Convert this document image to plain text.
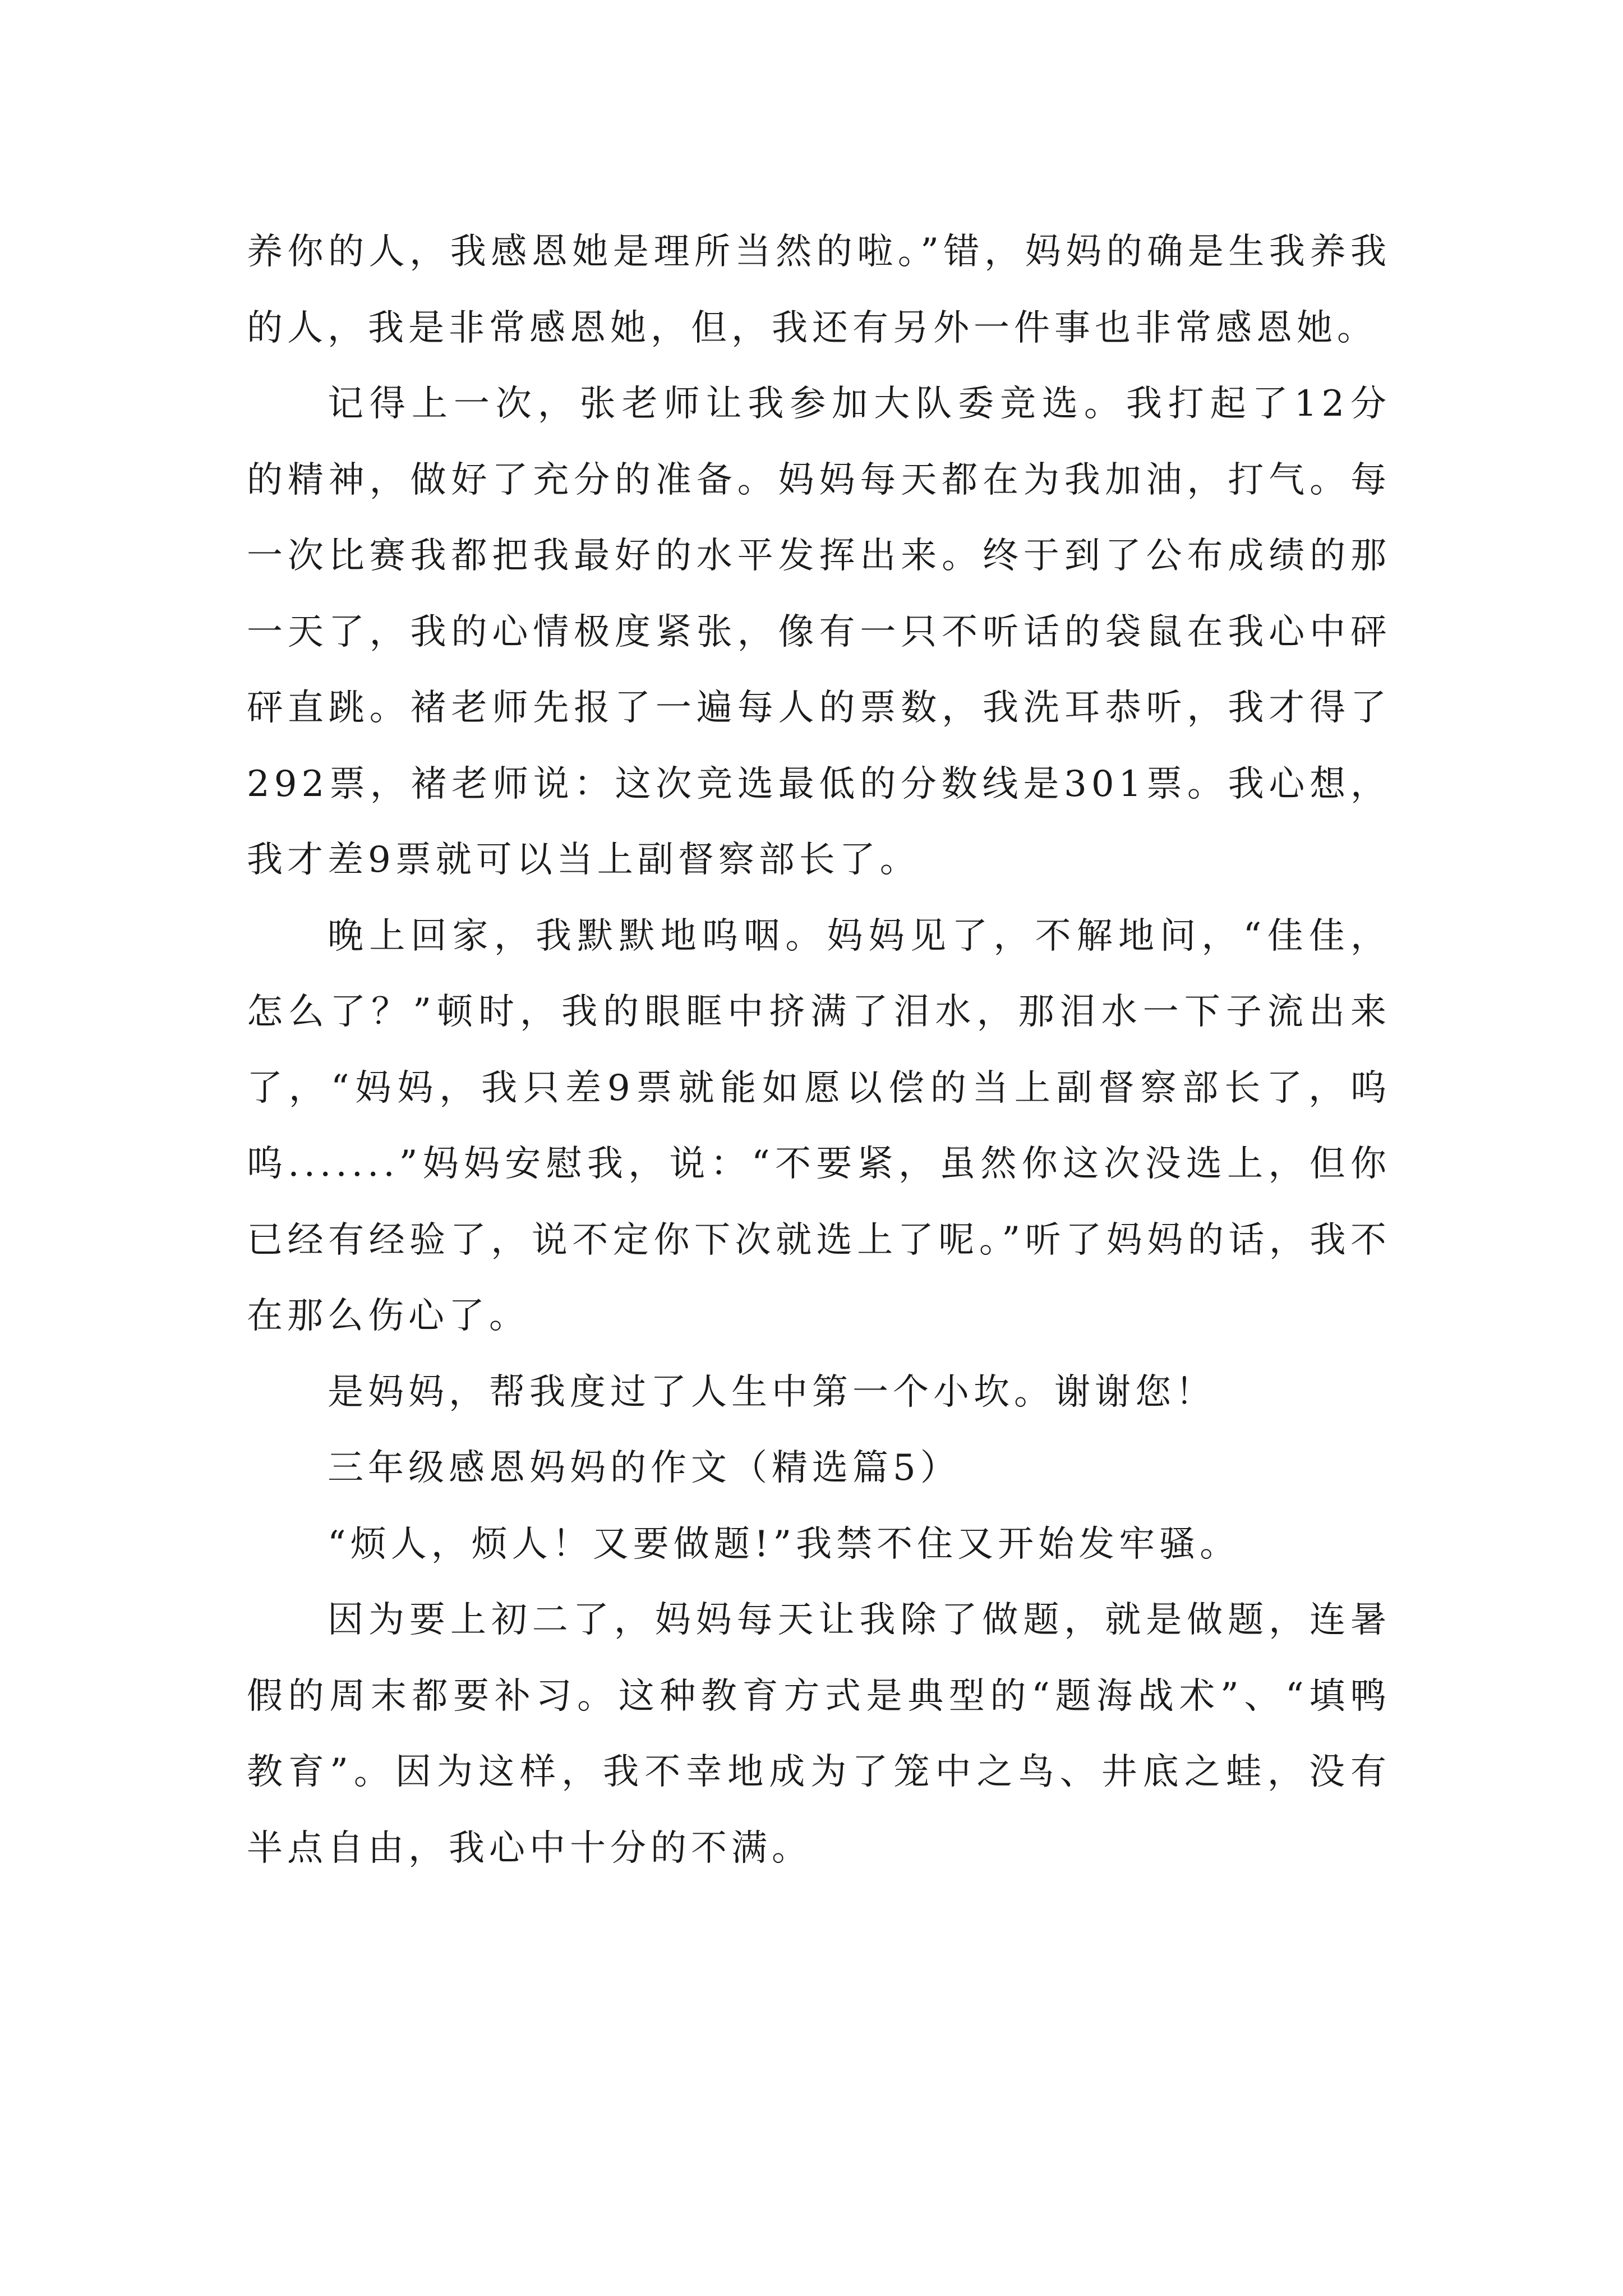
养你的人，我感恩她是理所当然的啦。”错，妈妈的确是生我养我的人，我是非常感恩她，但，我还有另外一件事也非常感恩她。

记得上一次，张老师让我参加大队委竞选。我打起了12分的精神，做好了充分的准备。妈妈每天都在为我加油，打气。每一次比赛我都把我最好的水平发挥出来。终于到了公布成绩的那一天了，我的心情极度紧张，像有一只不听话的袋鼠在我心中砰砰直跳。褚老师先报了一遍每人的票数，我洗耳恭听，我才得了292票，褚老师说：这次竞选最低的分数线是301票。我心想，我才差9票就可以当上副督察部长了。

晚上回家，我默默地呜咽。妈妈见了，不解地问，“佳佳，怎么了？”顿时，我的眼眶中挤满了泪水，那泪水一下子流出来了，“妈妈，我只差9票就能如愿以偿的当上副督察部长了，呜呜.......”妈妈安慰我，说：“不要紧，虽然你这次没选上，但你已经有经验了，说不定你下次就选上了呢。”听了妈妈的话，我不在那么伤心了。

是妈妈，帮我度过了人生中第一个小坎。谢谢您！

三年级感恩妈妈的作文（精选篇5）

“烦人，烦人！又要做题!”我禁不住又开始发牢骚。

因为要上初二了，妈妈每天让我除了做题，就是做题，连暑假的周末都要补习。这种教育方式是典型的“题海战术”、“填鸭教育”。因为这样，我不幸地成为了笼中之鸟、井底之蛙，没有半点自由，我心中十分的不满。
